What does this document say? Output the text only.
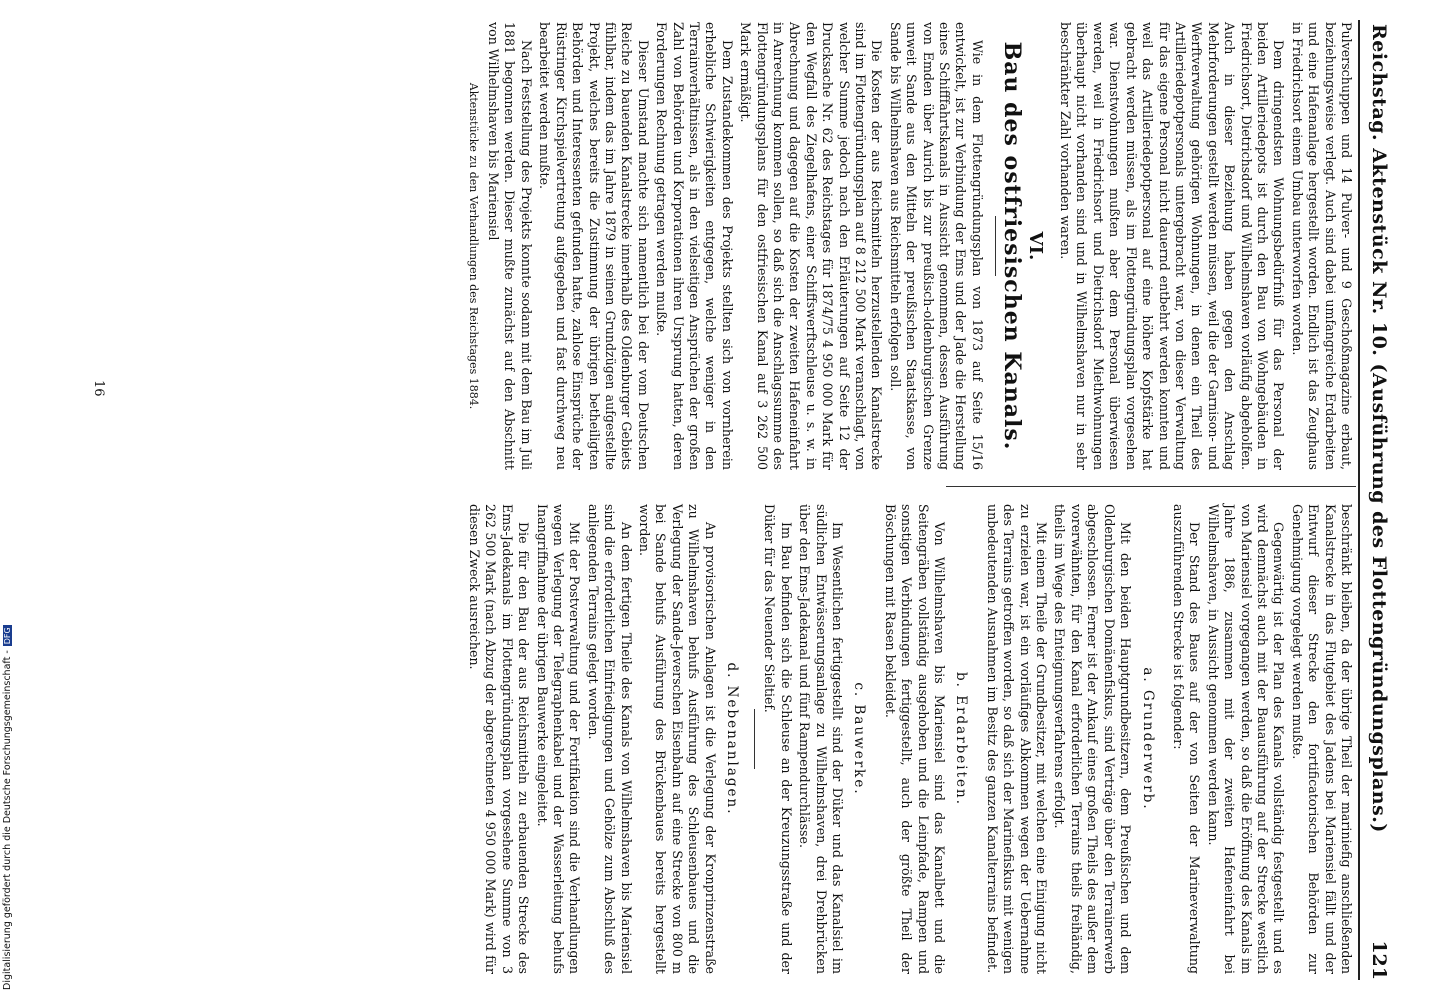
Reichstag. Aktenstück Nr. 10. (Ausführung des Flottengründungsplans.)
121

Pulverschuppen und 14 Pulver- und 9 Geschoßmagazine erbaut, beziehungsweise verlegt. Auch sind dabei umfangreiche Erdarbeiten und eine Hafenanlage hergestellt worden. Endlich ist das Zeughaus in Friedrichsort einem Umbau unterworfen worden.

Dem dringendsten Wohnungsbedürfniß für das Personal der beiden Artilleriedepots ist durch den Bau von Wohngebäuden in Friedrichsort, Dietrichsdorf und Wilhelmshaven vorläufig abgeholfen. Auch in dieser Beziehung haben gegen den Anschlag Mehrforderungen gestellt werden müssen, weil die der Garnison- und Werftverwaltung gehörigen Wohnungen, in denen ein Theil des Artilleriedepotpersonals untergebracht war, von dieser Verwaltung für das eigene Personal nicht dauernd entbehrt werden konnten und weil das Artilleriedepotpersonal auf eine höhere Kopfstärke hat gebracht werden müssen, als im Flottengründungsplan vorgesehen war. Dienstwohnungen mußten aber dem Personal überwiesen werden, weil in Friedrichsort und Dietrichsdorf Miethwohnungen überhaupt nicht vorhanden sind und in Wilhelmshaven nur in sehr beschränkter Zahl vorhanden waren.

VI.
Bau des ostfriesischen Kanals.

Wie in dem Flottengründungsplan von 1873 auf Seite 15/16 entwickelt, ist zur Verbindung der Ems und der Jade die Herstellung eines Schifffahrtskanals in Aussicht genommen, dessen Ausführung von Emden über Aurich bis zur preußisch-oldenburgischen Grenze unweit Sande aus den Mitteln der preußischen Staatskasse, von Sande bis Wilhelmshaven aus Reichsmitteln erfolgen soll.

Die Kosten der aus Reichsmitteln herzustellenden Kanalstrecke sind im Flottengründungsplan auf 8 212 500 Mark veranschlagt, von welcher Summe jedoch nach den Erläuterungen auf Seite 12 der Drucksache Nr. 62 des Reichstages für 1874/75 4 950 000 Mark für den Wegfall des Ziegelhafens, einer Schiffswerftschleuse u. s. w. in Abrechnung und dagegen auf die Kosten der zweiten Hafeneinfahrt in Anrechnung kommen sollen, so daß sich die Anschlagssumme des Flottengründungsplans für den ostfriesischen Kanal auf 3 262 500 Mark ermäßigt.

Dem Zustandekommen des Projekts stellten sich von vornherein erhebliche Schwierigkeiten entgegen, welche weniger in den Terrainverhältnissen, als in den vielseitigen Ansprüchen der großen Zahl von Behörden und Korporationen ihren Ursprung hatten, deren Forderungen Rechnung getragen werden mußte.

Dieser Umstand machte sich namentlich bei der vom Deutschen Reiche zu bauenden Kanalstrecke innerhalb des Oldenburger Gebiets fühlbar, indem das im Jahre 1879 in seinen Grundzügen aufgestellte Projekt, welches bereits die Zustimmung der übrigen betheiligten Behörden und Interessenten gefunden hatte, zahlose Einsprüche der Rüstringer Kirchspielvertretung aufgegeben und fast durchweg neu bearbeitet werden mußte.

Nach Feststellung des Projekts konnte sodann mit dem Bau im Juli 1881 begonnen werden. Dieser mußte zunächst auf den Abschnitt von Wilhelmshaven bis Mariensiel

Aktenstücke zu den Verhandlungen des Reichstages 1884.

beschränkt bleiben, da der übrige Theil der mariniefig anschließenden Kanalstrecke in das Flutgebiet des Jadens bei Mariensiel fällt und der Entwurf dieser Strecke den fortificatorischen Behörden zur Genehmigung vorgelegt werden mußte.

Gegenwärtig ist der Plan des Kanals vollständig festgestellt und es wird demnächst auch mit der Bauausführung auf der Strecke westlich von Mariensiel vorgegangen werden, so daß die Eröffnung des Kanals im Jahre 1886, zusammen mit der zweiten Hafeneinfahrt bei Wilhelmshaven, in Aussicht genommen werden kann.

Der Stand des Baues auf der von Seiten der Marineverwaltung auszuführenden Strecke ist folgender:

a. Grunderwerb.

Mit den beiden Hauptgrundbesitzern, dem Preußischen und dem Oldenburgischen Domänenfiskus, sind Verträge über den Terrainerwerb abgeschlossen. Ferner ist der Ankauf eines großen Theils des außer dem vorerwähnten, für den Kanal erforderlichen Terrains theils freihändig, theils im Wege des Enteignungsverfahrens erfolgt.

Mit einem Theile der Grundbesitzer, mit welchen eine Einigung nicht zu erzielen war, ist ein vorläufiges Abkommen wegen der Uebernahme des Terrains getroffen worden, so daß sich der Marinefiskus mit wenigen unbedeutenden Ausnahmen im Besitz des ganzen Kanalterrains befindet.

b. Erdarbeiten.

Von Wilhelmshaven bis Mariensiel sind das Kanalbett und die Seitengräben vollständig ausgehoben und die Leinpfade, Rampen und sonstigen Verbindungen fertiggestellt, auch der größte Theil der Böschungen mit Rasen bekleidet.

c. Bauwerke.

Im Wesentlichen fertiggestellt sind der Düker und das Kanalsiel im südlichen Entwässerungsanlage zu Wilhelmshaven, drei Drehbrücken über den Ems-Jadekanal und fünf Rampendurchlässe.

Im Bau befinden sich die Schleuse an der Kreuzungsstraße und der Düker für das Neuender Sieltief.

d. Nebenanlagen.

An provisorischen Anlagen ist die Verlegung der Kronprinzenstraße zu Wilhelmshaven behufs Ausführung des Schleusenbaues und die Verlegung der Sande-Jeverschen Eisenbahn auf eine Strecke von 800 m bei Sande behufs Ausführung des Brückenbaues bereits hergestellt worden.

An dem fertigen Theile des Kanals von Wilhelmshaven bis Mariensiel sind die erforderlichen Einfriedigungen und Gehölze zum Abschluß des anliegenden Terrains gelegt worden.

Mit der Postverwaltung und der Fortifikation sind die Verhandlungen wegen Verlegung der Telegraphenkabel und der Wasserleitung behufs Inangriffnahme der übrigen Bauwerke eingeleitet.

Die für den Bau der aus Reichsmitteln zu erbauenden Strecke des Ems-Jadekanals im Flottengründungsplan vorgesehene Summe von 3 262 500 Mark (nach Abzug der abgerechneten 4 950 000 Mark) wird für diesen Zweck ausreichen.

16
Digitalisierung gefördert durch die Deutsche Forschungsgemeinschaft -DFG
